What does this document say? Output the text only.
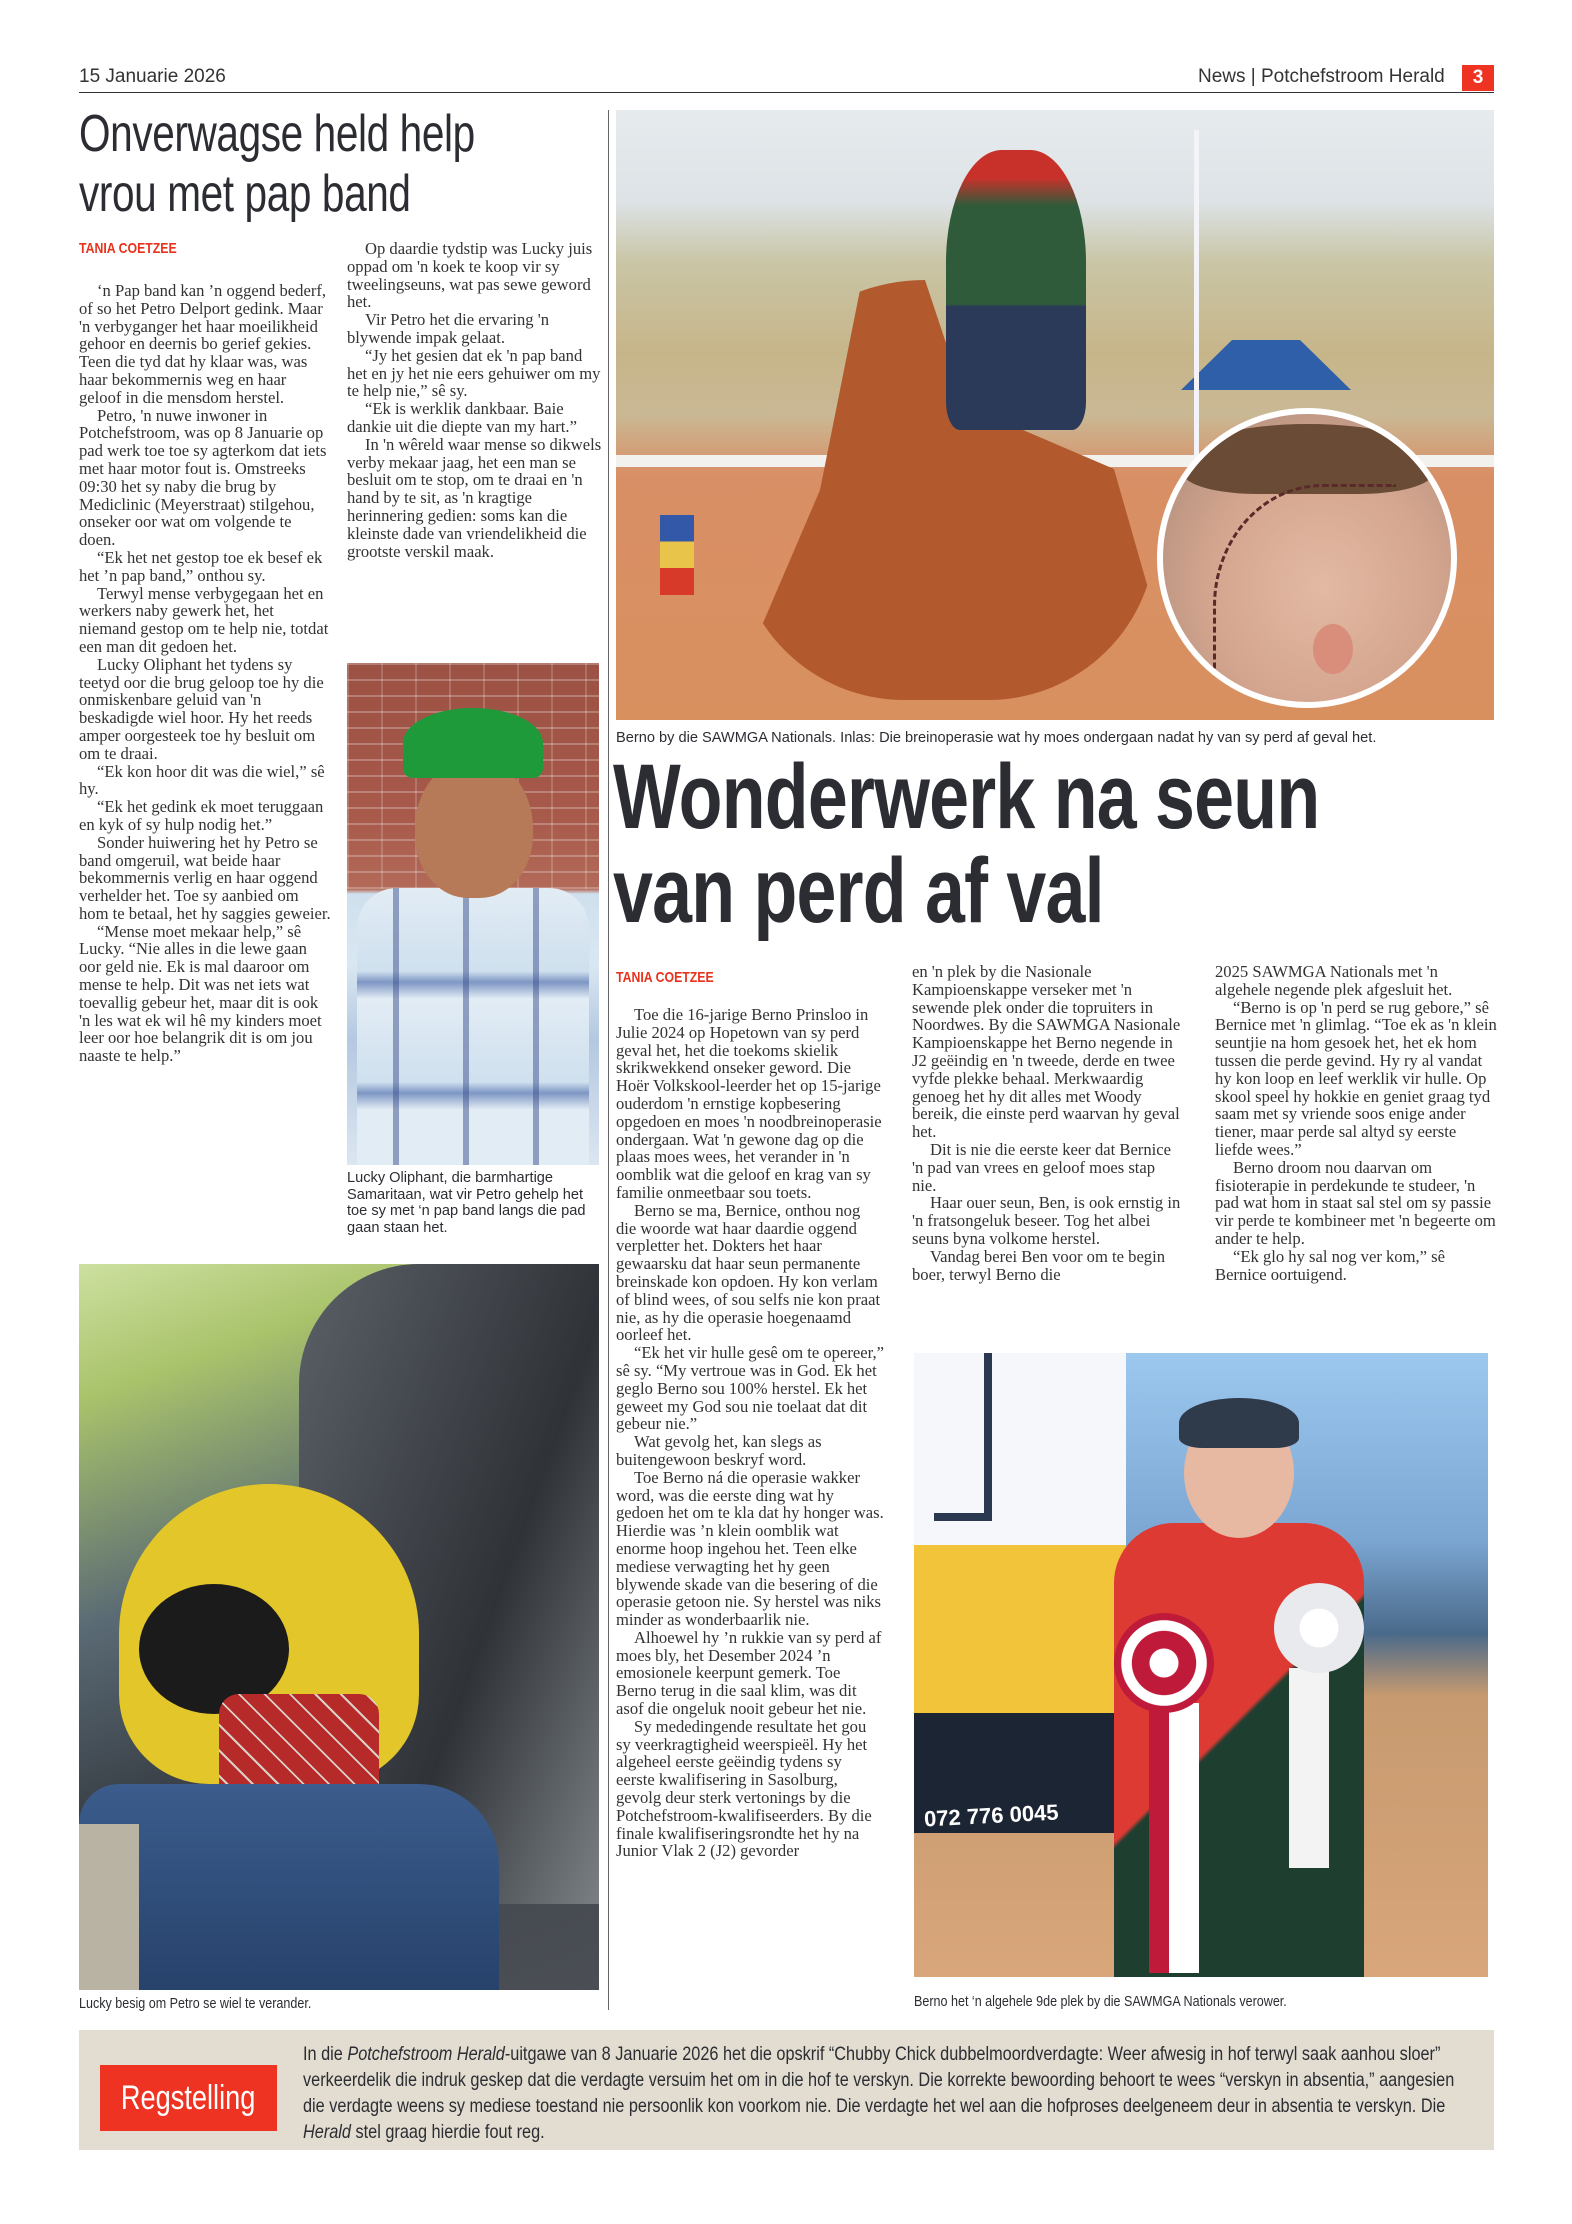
15 Januarie 2026	News | Potchefstroom Herald	3
Onverwagse held help
vrou met pap band
TANIA COETZEE

‘n Pap band kan ’n oggend bederf, of so het Petro Delport gedink. Maar 'n verbyganger het haar moeilikheid gehoor en deernis bo gerief gekies. Teen die tyd dat hy klaar was, was haar bekommernis weg en haar geloof in die mensdom herstel.

Petro, 'n nuwe inwoner in Potchefstroom, was op 8 Januarie op pad werk toe toe sy agterkom dat iets met haar motor fout is. Omstreeks 09:30 het sy naby die brug by Mediclinic (Meyerstraat) stilgehou, onseker oor wat om volgende te doen.

“Ek het net gestop toe ek besef ek het ’n pap band,” onthou sy.

Terwyl mense verbygegaan het en werkers naby gewerk het, het niemand gestop om te help nie, totdat een man dit gedoen het.

Lucky Oliphant het tydens sy teetyd oor die brug geloop toe hy die onmiskenbare geluid van 'n beskadigde wiel hoor. Hy het reeds amper oorgesteek toe hy besluit om om te draai.

“Ek kon hoor dit was die wiel,” sê hy.

“Ek het gedink ek moet teruggaan en kyk of sy hulp nodig het.”

Sonder huiwering het hy Petro se band omgeruil, wat beide haar bekommernis verlig en haar oggend verhelder het. Toe sy aanbied om hom te betaal, het hy saggies geweier.

“Mense moet mekaar help,” sê Lucky. “Nie alles in die lewe gaan oor geld nie. Ek is mal daaroor om mense te help. Dit was net iets wat toevallig gebeur het, maar dit is ook 'n les wat ek wil hê my kinders moet leer oor hoe belangrik dit is om jou naaste te help.”

Op daardie tydstip was Lucky juis oppad om 'n koek te koop vir sy tweelingseuns, wat pas sewe geword het.

Vir Petro het die ervaring 'n blywende impak gelaat.

“Jy het gesien dat ek 'n pap band het en jy het nie eers gehuiwer om my te help nie,” sê sy.

“Ek is werklik dankbaar. Baie dankie uit die diepte van my hart.”

In 'n wêreld waar mense so dikwels verby mekaar jaag, het een man se besluit om te stop, om te draai en 'n hand by te sit, as 'n kragtige herinnering gedien: soms kan die kleinste dade van vriendelikheid die grootste verskil maak.

Lucky Oliphant, die barmhartige Samaritaan, wat vir Petro gehelp het toe sy met ‘n pap band langs die pad gaan staan het.
Lucky besig om Petro se wiel te verander.
Berno by die SAWMGA Nationals. Inlas: Die breinoperasie wat hy moes ondergaan nadat hy van sy perd af geval het.
Wonderwerk na seun
van perd af val
TANIA COETZEE

Toe die 16-jarige Berno Prinsloo in Julie 2024 op Hopetown van sy perd geval het, het die toekoms skielik skrikwekkend onseker geword. Die Hoër Volkskool-leerder het op 15-jarige ouderdom 'n ernstige kopbesering opgedoen en moes 'n noodbreinoperasie ondergaan. Wat 'n gewone dag op die plaas moes wees, het verander in 'n oomblik wat die geloof en krag van sy familie onmeetbaar sou toets.

Berno se ma, Bernice, onthou nog die woorde wat haar daardie oggend verpletter het. Dokters het haar gewaarsku dat haar seun permanente breinskade kon opdoen. Hy kon verlam of blind wees, of sou selfs nie kon praat nie, as hy die operasie hoegenaamd oorleef het.

“Ek het vir hulle gesê om te opereer,” sê sy. “My vertroue was in God. Ek het geglo Berno sou 100% herstel. Ek het geweet my God sou nie toelaat dat dit gebeur nie.”

Wat gevolg het, kan slegs as buitengewoon beskryf word.

Toe Berno ná die operasie wakker word, was die eerste ding wat hy gedoen het om te kla dat hy honger was. Hierdie was ’n klein oomblik wat enorme hoop ingehou het. Teen elke mediese verwagting het hy geen blywende skade van die besering of die operasie getoon nie. Sy herstel was niks minder as wonderbaarlik nie.

Alhoewel hy ’n rukkie van sy perd af moes bly, het Desember 2024 ’n emosionele keerpunt gemerk. Toe Berno terug in die saal klim, was dit asof die ongeluk nooit gebeur het nie.

Sy mededingende resultate het gou sy veerkragtigheid weerspieël. Hy het algeheel eerste geëindig tydens sy eerste kwalifisering in Sasolburg, gevolg deur sterk vertonings by die Potchefstroom-kwalifiseerders. By die finale kwalifiseringsrondte het hy na Junior Vlak 2 (J2) gevorder

en 'n plek by die Nasionale Kampioenskappe verseker met 'n sewende plek onder die topruiters in Noordwes. By die SAWMGA Nasionale Kampioenskappe het Berno negende in J2 geëindig en 'n tweede, derde en twee vyfde plekke behaal. Merkwaardig genoeg het hy dit alles met Woody bereik, die einste perd waarvan hy geval het.

Dit is nie die eerste keer dat Bernice 'n pad van vrees en geloof moes stap nie.

Haar ouer seun, Ben, is ook ernstig in 'n fratsongeluk beseer. Tog het albei seuns byna volkome herstel.

Vandag berei Ben voor om te begin boer, terwyl Berno die

2025 SAWMGA Nationals met 'n algehele negende plek afgesluit het.

“Berno is op 'n perd se rug gebore,” sê Bernice met 'n glimlag. “Toe ek as 'n klein seuntjie na hom gesoek het, het ek hom tussen die perde gevind. Hy ry al vandat hy kon loop en leef werklik vir hulle. Op skool speel hy hokkie en geniet graag tyd saam met sy vriende soos enige ander tiener, maar perde sal altyd sy eerste liefde wees.”

Berno droom nou daarvan om fisioterapie in perdekunde te studeer, 'n pad wat hom in staat sal stel om sy passie vir perde te kombineer met 'n begeerte om ander te help.

“Ek glo hy sal nog ver kom,” sê Bernice oortuigend.

072 776 0045
Berno het ‘n algehele 9de plek by die SAWMGA Nationals verower.
Regstelling
In die Potchefstroom Herald-uitgawe van 8 Januarie 2026 het die opskrif “Chubby Chick dubbelmoordverdagte: Weer afwesig in hof terwyl saak aanhou sloer” verkeerdelik die indruk geskep dat die verdagte versuim het om in die hof te verskyn. Die korrekte bewoording behoort te wees “verskyn in absentia,” aangesien die verdagte weens sy mediese toestand nie persoonlik kon voorkom nie. Die verdagte het wel aan die hofproses deelgeneem deur in absentia te verskyn. Die Herald stel graag hierdie fout reg.
